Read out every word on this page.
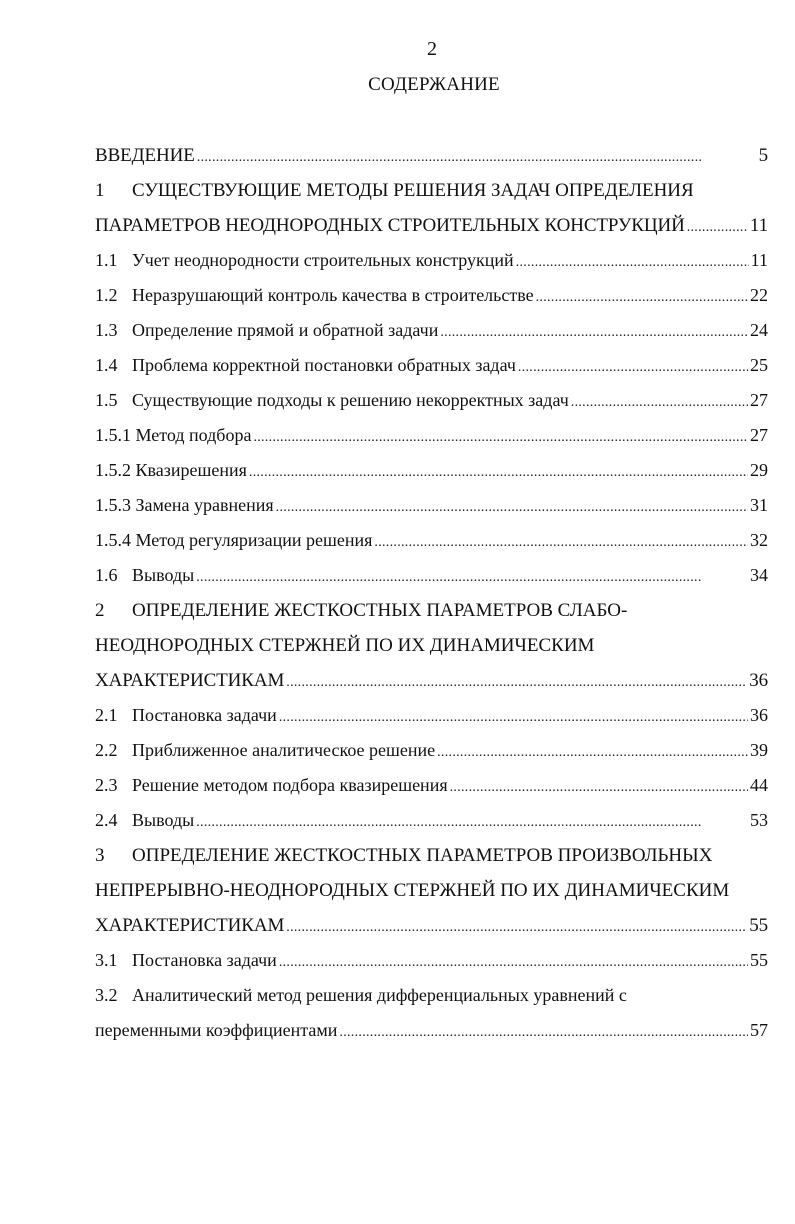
2
СОДЕРЖАНИЕ
ВВЕДЕНИЕ . . .	5
1	СУЩЕСТВУЮЩИЕ МЕТОДЫ РЕШЕНИЯ ЗАДАЧ ОПРЕДЕЛЕНИЯ
ПАРАМЕТРОВ НЕОДНОРОДНЫХ СТРОИТЕЛЬНЫХ КОНСТРУКЦИЙ . . .	11
1.1 Учет неоднородности строительных конструкций . . .	11
1.2 Неразрушающий контроль качества в строительстве . . .	22
1.3 Определение прямой и обратной задачи . . .	24
1.4 Проблема корректной постановки обратных задач . . .	25
1.5 Существующие подходы к решению некорректных задач . . .	27
1.5.1 Метод подбора . . .	27
1.5.2 Квазирешения . . .	29
1.5.3 Замена уравнения . . .	31
1.5.4 Метод регуляризации решения . . .	32
1.6 Выводы . . .	34
2	ОПРЕДЕЛЕНИЕ ЖЕСТКОСТНЫХ ПАРАМЕТРОВ СЛАБО-
НЕОДНОРОДНЫХ СТЕРЖНЕЙ ПО ИХ ДИНАМИЧЕСКИМ
ХАРАКТЕРИСТИКАМ . . .	36
2.1 Постановка задачи . . .	36
2.2 Приближенное аналитическое решение . . .	39
2.3 Решение методом подбора квазирешения . . .	44
2.4 Выводы . . .	53
3	ОПРЕДЕЛЕНИЕ ЖЕСТКОСТНЫХ ПАРАМЕТРОВ ПРОИЗВОЛЬНЫХ
НЕПРЕРЫВНО-НЕОДНОРОДНЫХ СТЕРЖНЕЙ ПО ИХ ДИНАМИЧЕСКИМ
ХАРАКТЕРИСТИКАМ . . .	55
3.1 Постановка задачи . . .	55
3.2 Аналитический метод решения дифференциальных уравнений с
переменными коэффициентами . . .	57
